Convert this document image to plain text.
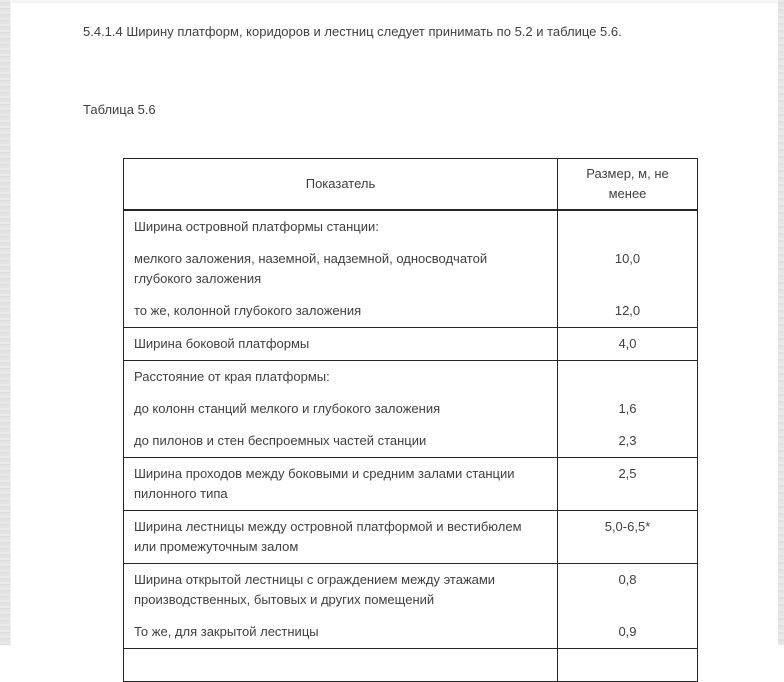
5.4.1.4 Ширину платформ, коридоров и лестниц следует принимать по 5.2 и таблице 5.6.

Таблица 5.6

Показатель	Размер, м, не менее
Ширина островной платформы станции:	
мелкого заложения, наземной, надземной, односводчатой глубокого заложения	10,0
то же, колонной глубокого заложения	12,0
Ширина боковой платформы	4,0
Расстояние от края платформы:	
до колонн станций мелкого и глубокого заложения	1,6
до пилонов и стен беспроемных частей станции	2,3
Ширина проходов между боковыми и средним залами станции пилонного типа	2,5
Ширина лестницы между островной платформой и вестибюлем или промежуточным залом	5,0-6,5*
Ширина открытой лестницы с ограждением между этажами производственных, бытовых и других помещений	0,8
То же, для закрытой лестницы	0,9
